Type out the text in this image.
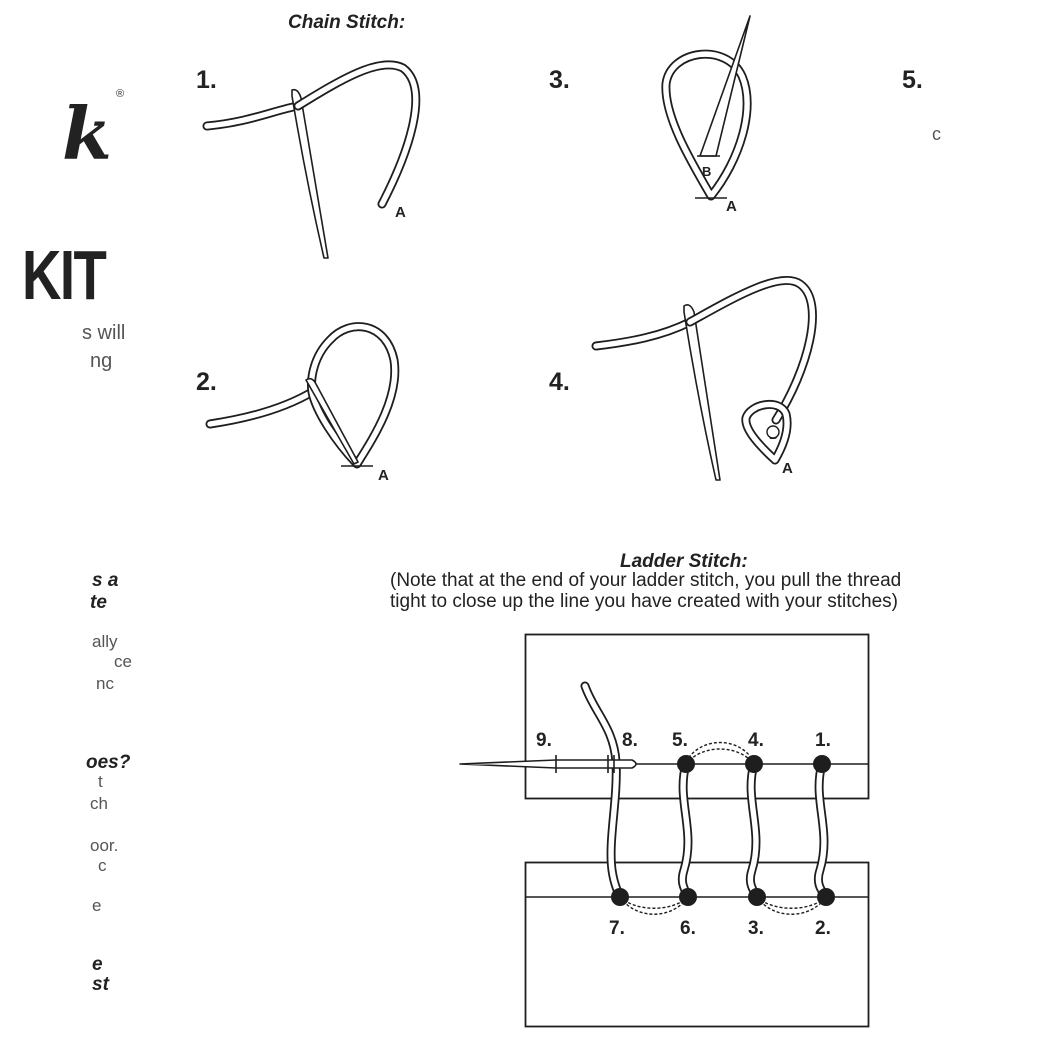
k ®
KIT
s will
ng
s a
te
ally
ce
nc
oes?
t
ch
oor.
c
e
e
st
Chain Stitch:
1.
2.
3.
4.
5.
c
A
A
A
B
A
Ladder Stitch:
(Note that at the end of your ladder stitch, you pull the thread
tight to close up the line you have created with your stitches)
9.	8. 5.	4.	1.
7.	6.	3.	2.
